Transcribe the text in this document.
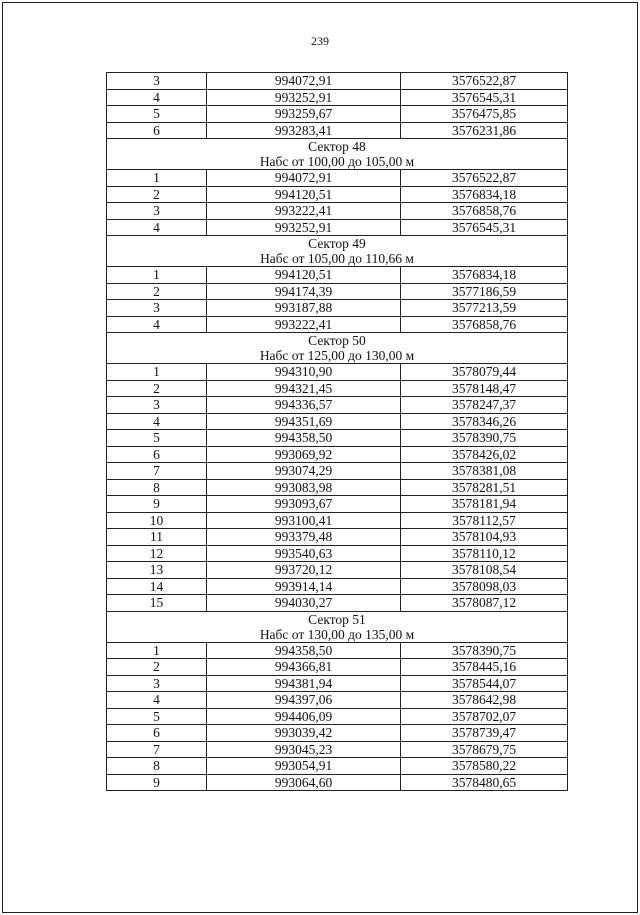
239
3	994072,91	3576522,87
4	993252,91	3576545,31
5	993259,67	3576475,85
6	993283,41	3576231,86
Сектор 48		
Набс от 100,00 до 105,00 м		
1	994072,91	3576522,87
2	994120,51	3576834,18
3	993222,41	3576858,76
4	993252,91	3576545,31
Сектор 49		
Набс от 105,00 до 110,66 м		
1	994120,51	3576834,18
2	994174,39	3577186,59
3	993187,88	3577213,59
4	993222,41	3576858,76
Сектор 50		
Набс от 125,00 до 130,00 м		
1	994310,90	3578079,44
2	994321,45	3578148,47
3	994336,57	3578247,37
4	994351,69	3578346,26
5	994358,50	3578390,75
6	993069,92	3578426,02
7	993074,29	3578381,08
8	993083,98	3578281,51
9	993093,67	3578181,94
10	993100,41	3578112,57
11	993379,48	3578104,93
12	993540,63	3578110,12
13	993720,12	3578108,54
14	993914,14	3578098,03
15	994030,27	3578087,12
Сектор 51		
Набс от 130,00 до 135,00 м		
1	994358,50	3578390,75
2	994366,81	3578445,16
3	994381,94	3578544,07
4	994397,06	3578642,98
5	994406,09	3578702,07
6	993039,42	3578739,47
7	993045,23	3578679,75
8	993054,91	3578580,22
9	993064,60	3578480,65
